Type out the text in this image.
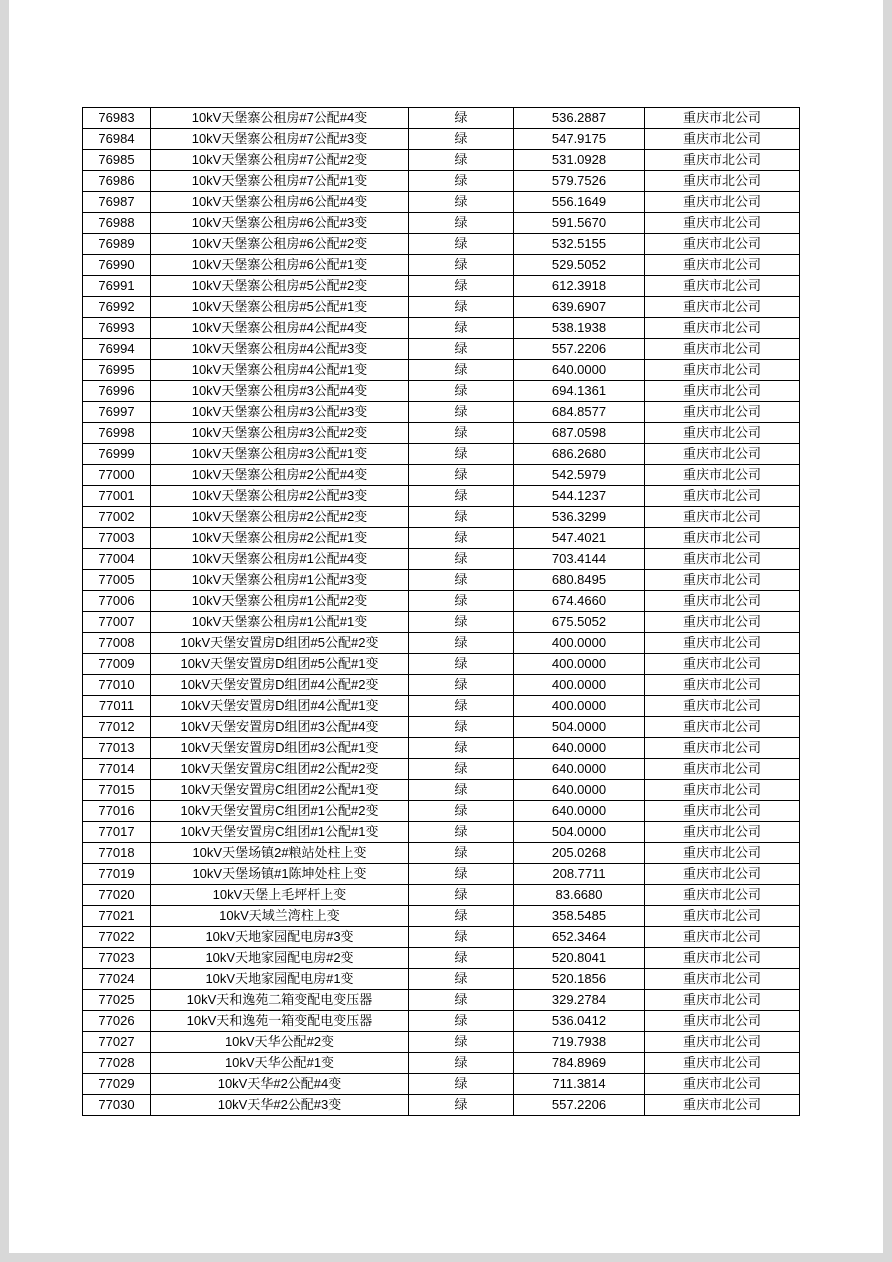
76983	10kV天堡寨公租房#7公配#4变	绿	536.2887	重庆市北公司
76984	10kV天堡寨公租房#7公配#3变	绿	547.9175	重庆市北公司
76985	10kV天堡寨公租房#7公配#2变	绿	531.0928	重庆市北公司
76986	10kV天堡寨公租房#7公配#1变	绿	579.7526	重庆市北公司
76987	10kV天堡寨公租房#6公配#4变	绿	556.1649	重庆市北公司
76988	10kV天堡寨公租房#6公配#3变	绿	591.5670	重庆市北公司
76989	10kV天堡寨公租房#6公配#2变	绿	532.5155	重庆市北公司
76990	10kV天堡寨公租房#6公配#1变	绿	529.5052	重庆市北公司
76991	10kV天堡寨公租房#5公配#2变	绿	612.3918	重庆市北公司
76992	10kV天堡寨公租房#5公配#1变	绿	639.6907	重庆市北公司
76993	10kV天堡寨公租房#4公配#4变	绿	538.1938	重庆市北公司
76994	10kV天堡寨公租房#4公配#3变	绿	557.2206	重庆市北公司
76995	10kV天堡寨公租房#4公配#1变	绿	640.0000	重庆市北公司
76996	10kV天堡寨公租房#3公配#4变	绿	694.1361	重庆市北公司
76997	10kV天堡寨公租房#3公配#3变	绿	684.8577	重庆市北公司
76998	10kV天堡寨公租房#3公配#2变	绿	687.0598	重庆市北公司
76999	10kV天堡寨公租房#3公配#1变	绿	686.2680	重庆市北公司
77000	10kV天堡寨公租房#2公配#4变	绿	542.5979	重庆市北公司
77001	10kV天堡寨公租房#2公配#3变	绿	544.1237	重庆市北公司
77002	10kV天堡寨公租房#2公配#2变	绿	536.3299	重庆市北公司
77003	10kV天堡寨公租房#2公配#1变	绿	547.4021	重庆市北公司
77004	10kV天堡寨公租房#1公配#4变	绿	703.4144	重庆市北公司
77005	10kV天堡寨公租房#1公配#3变	绿	680.8495	重庆市北公司
77006	10kV天堡寨公租房#1公配#2变	绿	674.4660	重庆市北公司
77007	10kV天堡寨公租房#1公配#1变	绿	675.5052	重庆市北公司
77008	10kV天堡安置房D组团#5公配#2变	绿	400.0000	重庆市北公司
77009	10kV天堡安置房D组团#5公配#1变	绿	400.0000	重庆市北公司
77010	10kV天堡安置房D组团#4公配#2变	绿	400.0000	重庆市北公司
77011	10kV天堡安置房D组团#4公配#1变	绿	400.0000	重庆市北公司
77012	10kV天堡安置房D组团#3公配#4变	绿	504.0000	重庆市北公司
77013	10kV天堡安置房D组团#3公配#1变	绿	640.0000	重庆市北公司
77014	10kV天堡安置房C组团#2公配#2变	绿	640.0000	重庆市北公司
77015	10kV天堡安置房C组团#2公配#1变	绿	640.0000	重庆市北公司
77016	10kV天堡安置房C组团#1公配#2变	绿	640.0000	重庆市北公司
77017	10kV天堡安置房C组团#1公配#1变	绿	504.0000	重庆市北公司
77018	10kV天堡场镇2#粮站处柱上变	绿	205.0268	重庆市北公司
77019	10kV天堡场镇#1陈坤处柱上变	绿	208.7711	重庆市北公司
77020	10kV天堡上毛坪杆上变	绿	83.6680	重庆市北公司
77021	10kV天域兰湾柱上变	绿	358.5485	重庆市北公司
77022	10kV天地家园配电房#3变	绿	652.3464	重庆市北公司
77023	10kV天地家园配电房#2变	绿	520.8041	重庆市北公司
77024	10kV天地家园配电房#1变	绿	520.1856	重庆市北公司
77025	10kV天和逸苑二箱变配电变压器	绿	329.2784	重庆市北公司
77026	10kV天和逸苑一箱变配电变压器	绿	536.0412	重庆市北公司
77027	10kV天华公配#2变	绿	719.7938	重庆市北公司
77028	10kV天华公配#1变	绿	784.8969	重庆市北公司
77029	10kV天华#2公配#4变	绿	711.3814	重庆市北公司
77030	10kV天华#2公配#3变	绿	557.2206	重庆市北公司
